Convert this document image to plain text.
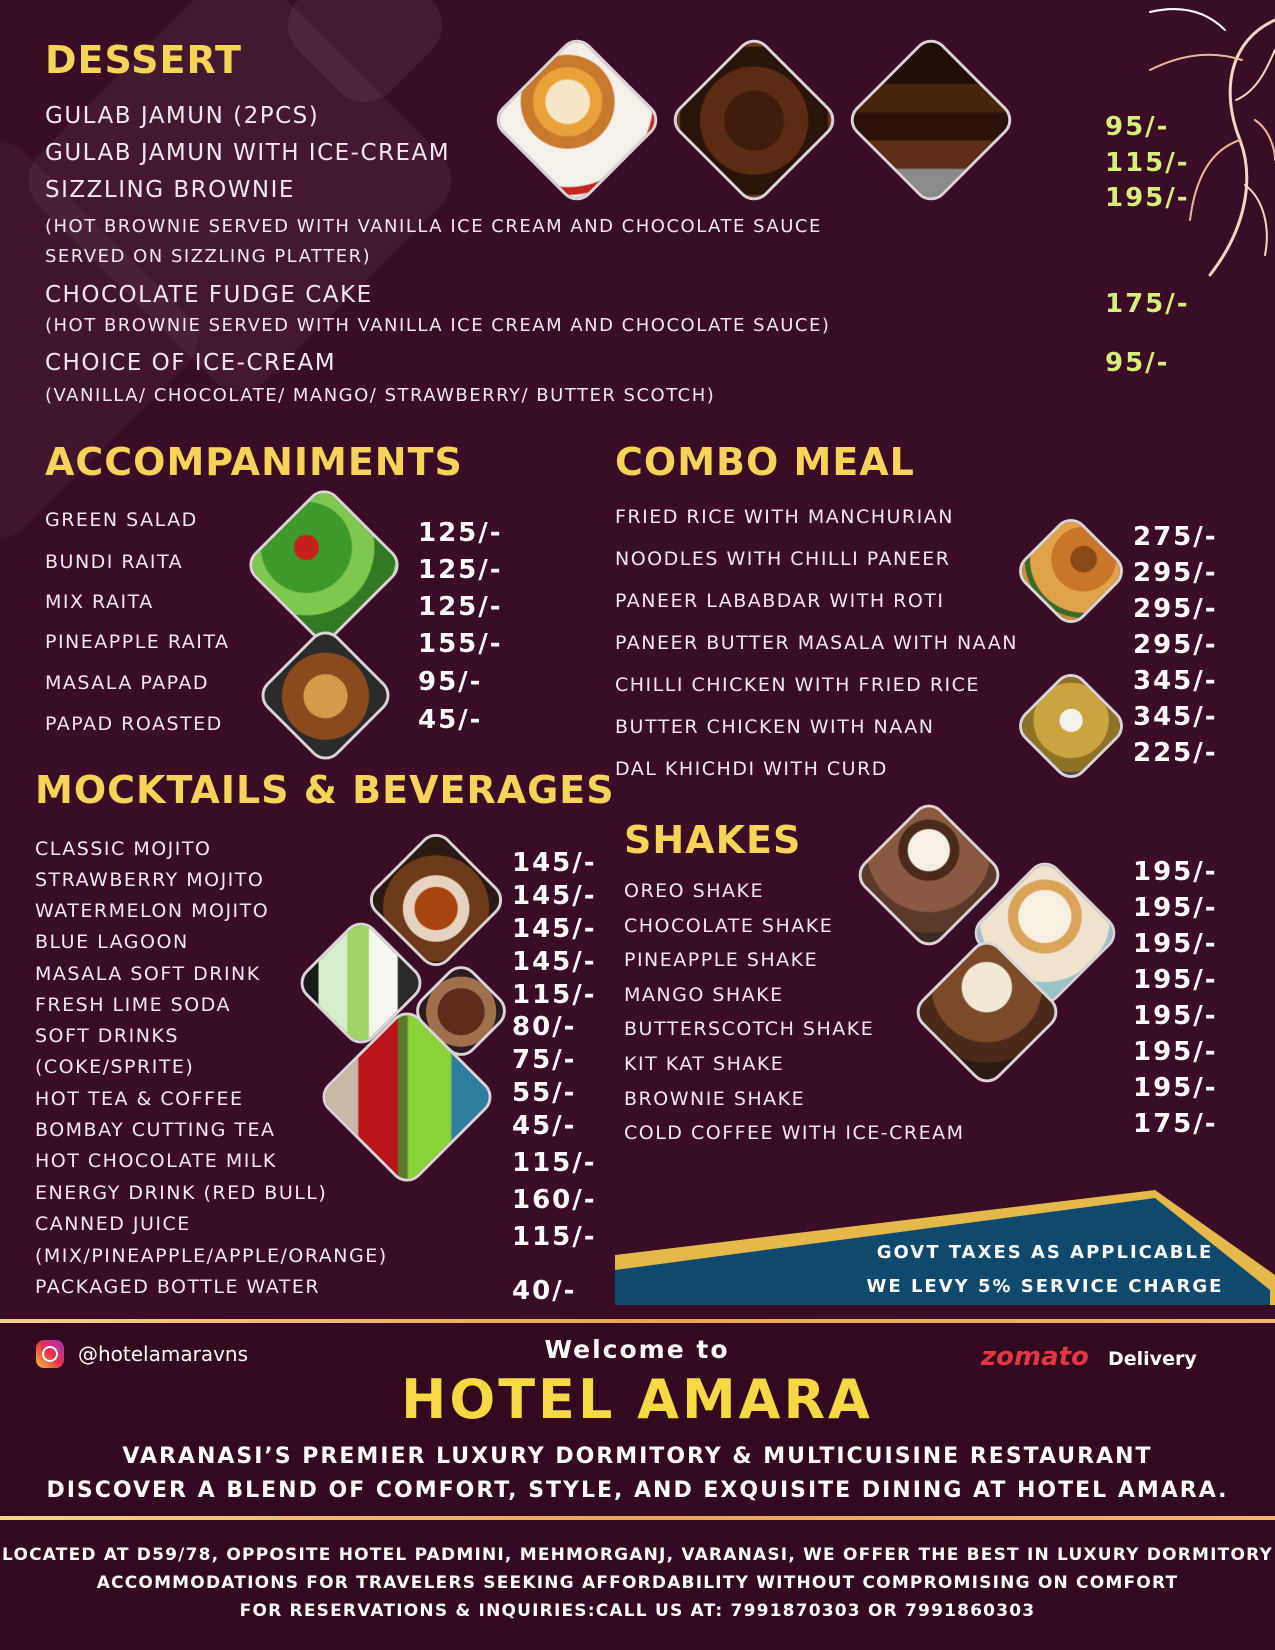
DESSERT
GULAB JAMUN (2PCS)
GULAB JAMUN WITH ICE-CREAM
SIZZLING BROWNIE
(HOT BROWNIE SERVED WITH VANILLA ICE CREAM AND CHOCOLATE SAUCE
SERVED ON SIZZLING PLATTER)
CHOCOLATE FUDGE CAKE
(HOT BROWNIE SERVED WITH VANILLA ICE CREAM AND CHOCOLATE SAUCE)
CHOICE OF ICE-CREAM
(VANILLA/ CHOCOLATE/ MANGO/ STRAWBERRY/ BUTTER SCOTCH)
95/-
115/-
195/-
175/-
95/-
ACCOMPANIMENTS
GREEN SALAD
BUNDI RAITA
MIX RAITA
PINEAPPLE RAITA
MASALA PAPAD
PAPAD ROASTED
125/-
125/-
125/-
155/-
95/-
45/-
COMBO MEAL
FRIED RICE WITH MANCHURIAN
NOODLES WITH CHILLI PANEER
PANEER LABABDAR WITH ROTI
PANEER BUTTER MASALA WITH NAAN
CHILLI CHICKEN WITH FRIED RICE
BUTTER CHICKEN WITH NAAN
DAL KHICHDI WITH CURD
275/-
295/-
295/-
295/-
345/-
345/-
225/-
MOCKTAILS & BEVERAGES
CLASSIC MOJITO
STRAWBERRY MOJITO
WATERMELON MOJITO
BLUE LAGOON
MASALA SOFT DRINK
FRESH LIME SODA
SOFT DRINKS
(COKE/SPRITE)
HOT TEA & COFFEE
BOMBAY CUTTING TEA
HOT CHOCOLATE MILK
ENERGY DRINK (RED BULL)
CANNED JUICE
(MIX/PINEAPPLE/APPLE/ORANGE)
PACKAGED BOTTLE WATER
145/-
145/-
145/-
145/-
115/-
80/-
75/-
55/-
45/-
115/-
160/-
115/-
40/-
SHAKES
OREO SHAKE
CHOCOLATE SHAKE
PINEAPPLE SHAKE
MANGO SHAKE
BUTTERSCOTCH SHAKE
KIT KAT SHAKE
BROWNIE SHAKE
COLD COFFEE WITH ICE-CREAM
195/-
195/-
195/-
195/-
195/-
195/-
195/-
175/-
GOVT TAXES AS APPLICABLE
WE LEVY 5% SERVICE CHARGE
@hotelamaravns	Welcome to
HOTEL AMARA
zomato Delivery
VARANASI’S PREMIER LUXURY DORMITORY & MULTICUISINE RESTAURANT
DISCOVER A BLEND OF COMFORT, STYLE, AND EXQUISITE DINING AT HOTEL AMARA.
LOCATED AT D59/78, OPPOSITE HOTEL PADMINI, MEHMORGANJ, VARANASI, WE OFFER THE BEST IN LUXURY DORMITORY
ACCOMMODATIONS FOR TRAVELERS SEEKING AFFORDABILITY WITHOUT COMPROMISING ON COMFORT
FOR RESERVATIONS & INQUIRIES:CALL US AT: 7991870303 OR 7991860303
